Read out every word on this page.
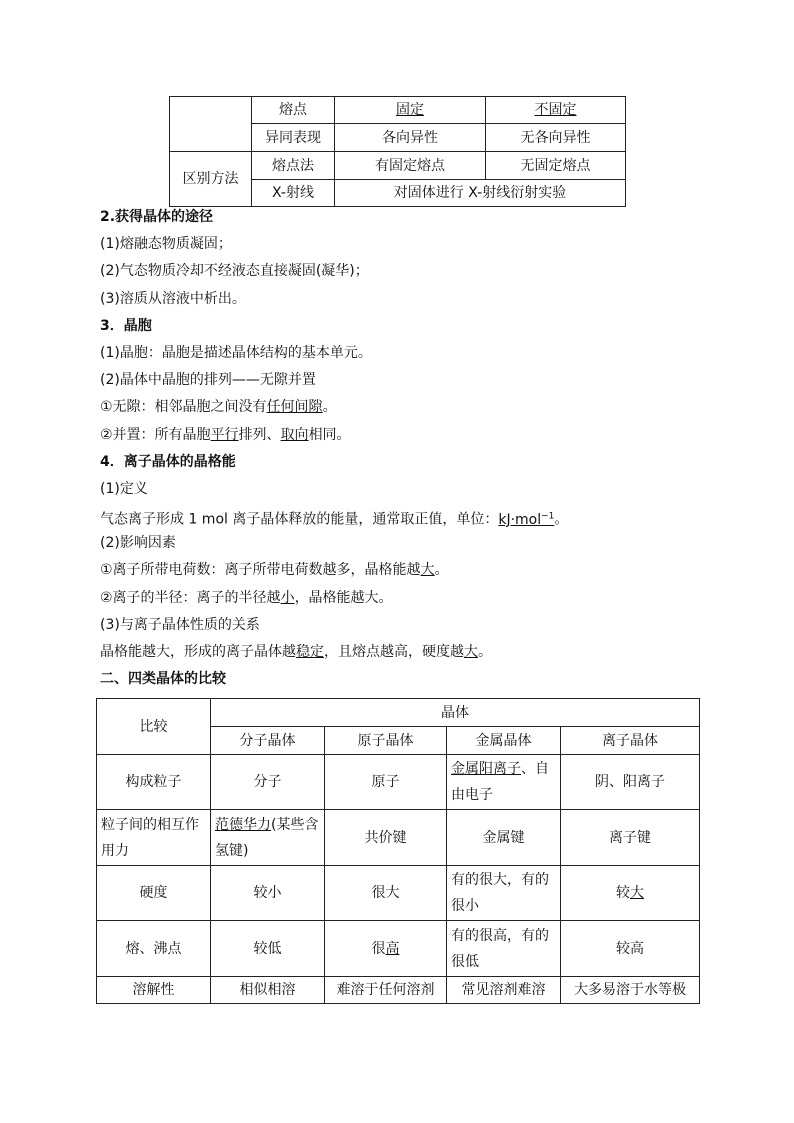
	熔点	固定	不固定
	异同表现	各向异性	无各向异性
区别方法	熔点法	有固定熔点	无固定熔点
	X-射线	对固体进行 X-射线衍射实验	
2.获得晶体的途径
(1)熔融态物质凝固；
(2)气态物质冷却不经液态直接凝固(凝华)；
(3)溶质从溶液中析出。
3．晶胞
(1)晶胞：晶胞是描述晶体结构的基本单元。
(2)晶体中晶胞的排列——无隙并置
①无隙：相邻晶胞之间没有任何间隙。
②并置：所有晶胞平行排列、取向相同。
4．离子晶体的晶格能
(1)定义
气态离子形成 1 mol 离子晶体释放的能量，通常取正值，单位：kJ·mol$^{-1}$。
(2)影响因素
①离子所带电荷数：离子所带电荷数越多，晶格能越大。
②离子的半径：离子的半径越小，晶格能越大。
(3)与离子晶体性质的关系
晶格能越大，形成的离子晶体越稳定，且熔点越高，硬度越大。
二、四类晶体的比较
比较	晶体			
	分子晶体	原子晶体	金属晶体	离子晶体
构成粒子	分子	原子	金属阳离子、自由电子	阴、阳离子
粒子间的相互作用力	范德华力(某些含氢键)	共价键	金属键	离子键
硬度	较小	很大	有的很大，有的很小	较大
熔、沸点	较低	很高	有的很高，有的很低	较高
溶解性	相似相溶	难溶于任何溶剂	常见溶剂难溶	大多易溶于水等极
